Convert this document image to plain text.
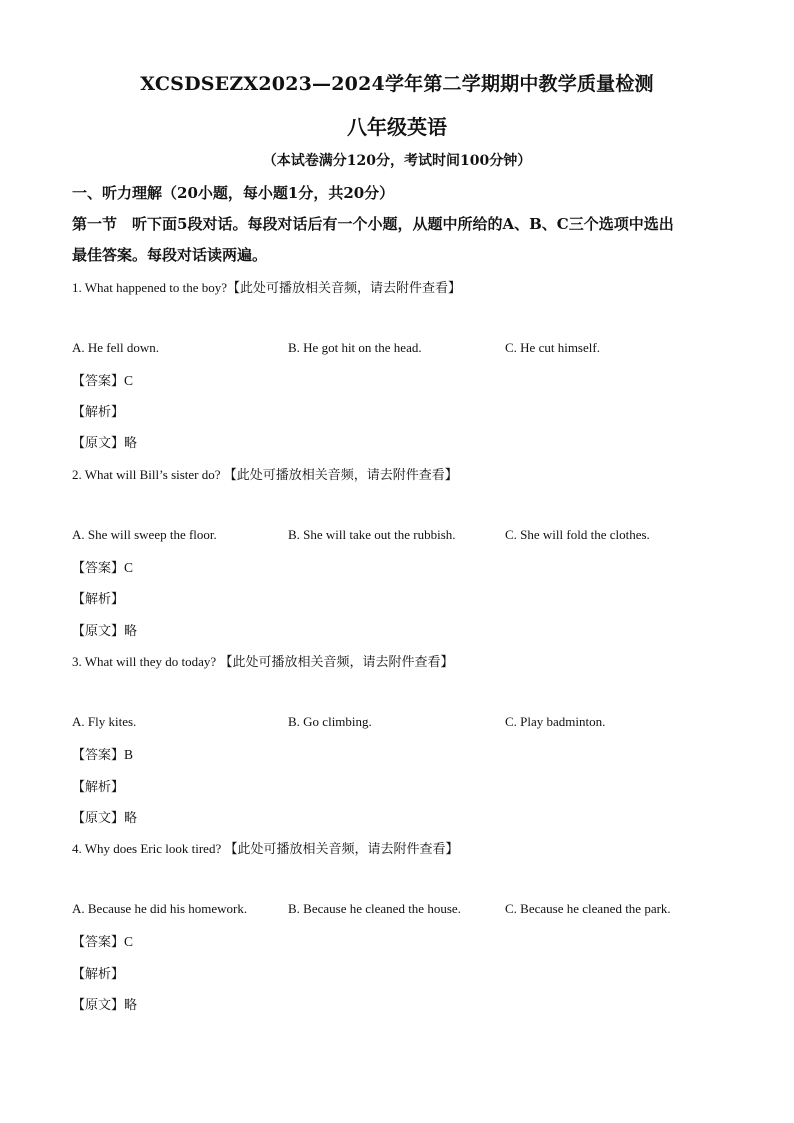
XCSDSEZX2023—2024学年第二学期期中教学质量检测
八年级英语
（本试卷满分120分，考试时间100分钟）
一、听力理解（20小题，每小题1分，共20分）
第一节　听下面5段对话。每段对话后有一个小题，从题中所给的A、B、C三个选项中选出
最佳答案。每段对话读两遍。
1. What happened to the boy?【此处可播放相关音频，请去附件查看】
A. He fell down.	B. He got hit on the head.	C. He cut himself.
【答案】C
【解析】
【原文】略
2. What will Bill’s sister do? 【此处可播放相关音频，请去附件查看】
A. She will sweep the floor.	B. She will take out the rubbish.	C. She will fold the clothes.
【答案】C
【解析】
【原文】略
3. What will they do today? 【此处可播放相关音频，请去附件查看】
A. Fly kites.	B. Go climbing.	C. Play badminton.
【答案】B
【解析】
【原文】略
4. Why does Eric look tired? 【此处可播放相关音频，请去附件查看】
A. Because he did his homework.	B. Because he cleaned the house.	C. Because he cleaned the park.
【答案】C
【解析】
【原文】略
